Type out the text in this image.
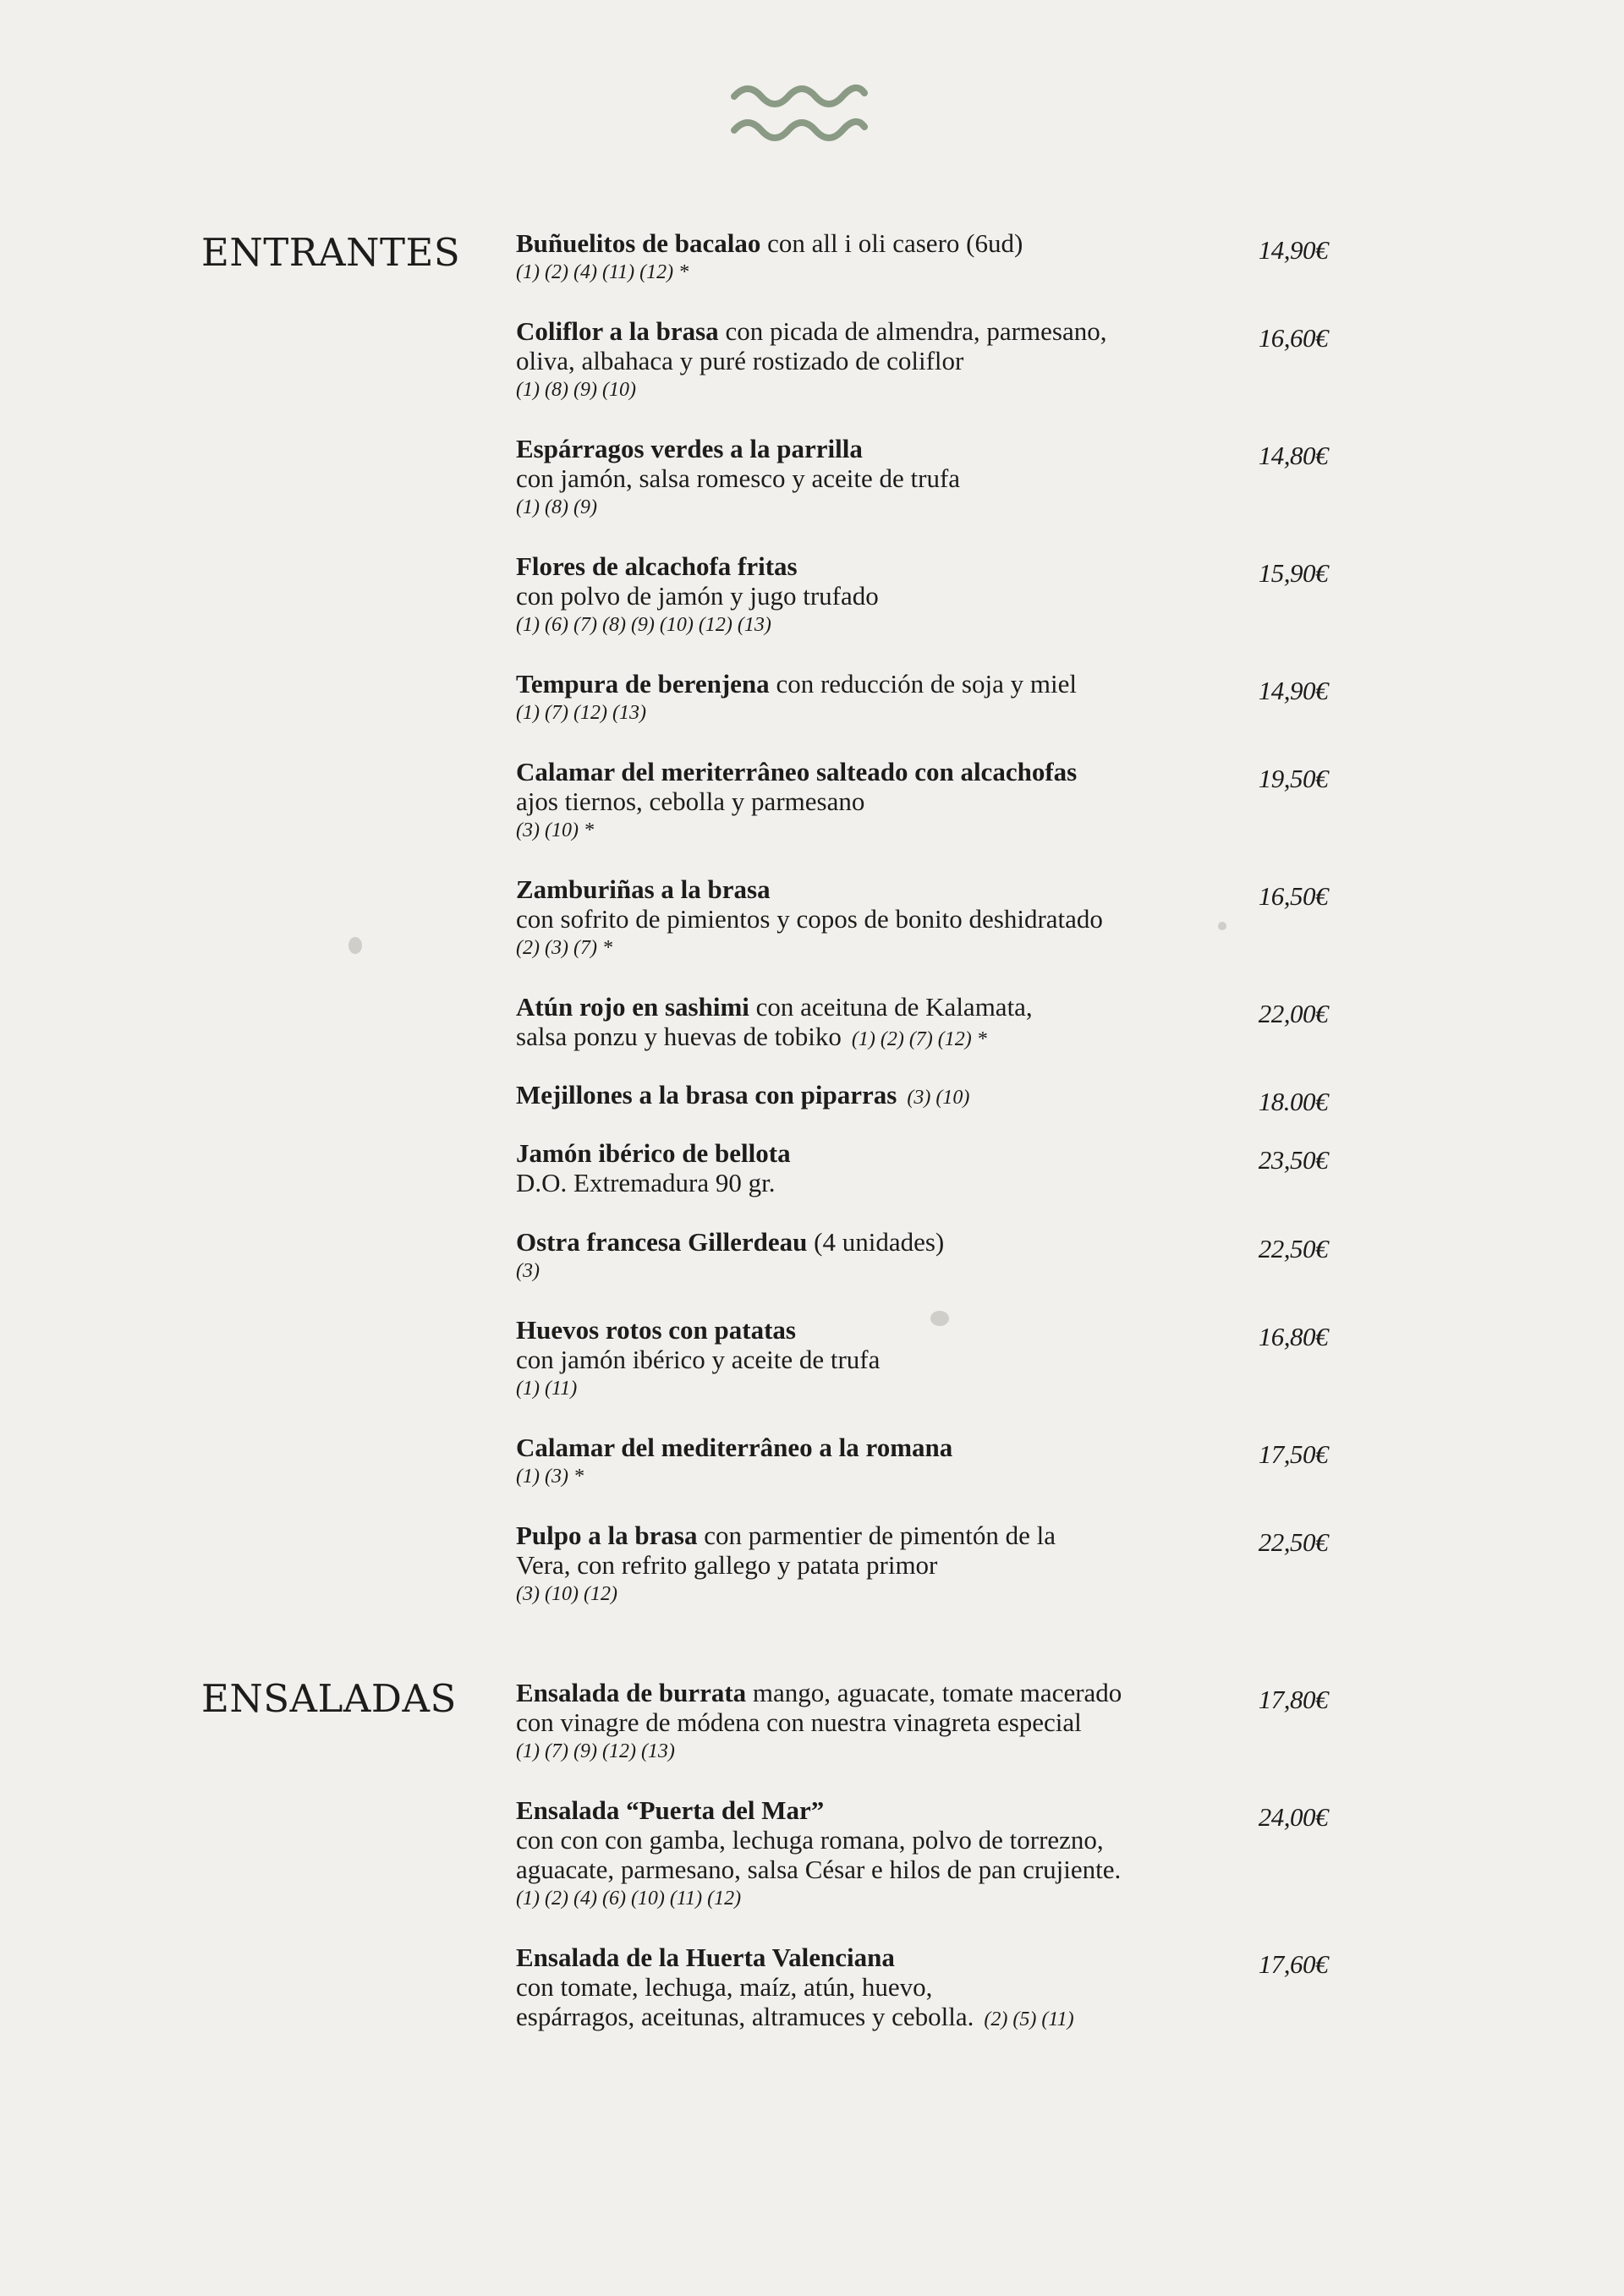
ENTRANTES
ENSALADAS
Buñuelitos de bacalao con all i oli casero (6ud)
(1) (2) (4) (11) (12) *
14,90€
Coliflor a la brasa con picada de almendra, parmesano,
oliva, albahaca y puré rostizado de coliflor
(1) (8) (9) (10)
16,60€
Espárragos verdes a la parrilla
con jamón, salsa romesco y aceite de trufa
(1) (8) (9)
14,80€
Flores de alcachofa fritas
con polvo de jamón y jugo trufado
(1) (6) (7) (8) (9) (10) (12) (13)
15,90€
Tempura de berenjena con reducción de soja y miel
(1) (7) (12) (13)
14,90€
Calamar del meriterrâneo salteado con alcachofas
ajos tiernos, cebolla y parmesano
(3) (10) *
19,50€
Zamburiñas a la brasa
con sofrito de pimientos y copos de bonito deshidratado
(2) (3) (7) *
16,50€
Atún rojo en sashimi con aceituna de Kalamata,
salsa ponzu y huevas de tobiko (1) (2) (7) (12) *
22,00€
Mejillones a la brasa con piparras (3) (10)	18.00€
Jamón ibérico de bellota
D.O. Extremadura 90 gr.
23,50€
Ostra francesa Gillerdeau (4 unidades)
(3)
22,50€
Huevos rotos con patatas
con jamón ibérico y aceite de trufa
(1) (11)
16,80€
Calamar del mediterrâneo a la romana
(1) (3) *
17,50€
Pulpo a la brasa con parmentier de pimentón de la
Vera, con refrito gallego y patata primor
(3) (10) (12)
22,50€
Ensalada de burrata mango, aguacate, tomate macerado
con vinagre de módena con nuestra vinagreta especial
(1) (7) (9) (12) (13)
17,80€
Ensalada “Puerta del Mar”
con con con gamba, lechuga romana, polvo de torrezno,
aguacate, parmesano, salsa César e hilos de pan crujiente.
(1) (2) (4) (6) (10) (11) (12)
24,00€
Ensalada de la Huerta Valenciana
con tomate, lechuga, maíz, atún, huevo,
espárragos, aceitunas, altramuces y cebolla. (2) (5) (11)
17,60€
